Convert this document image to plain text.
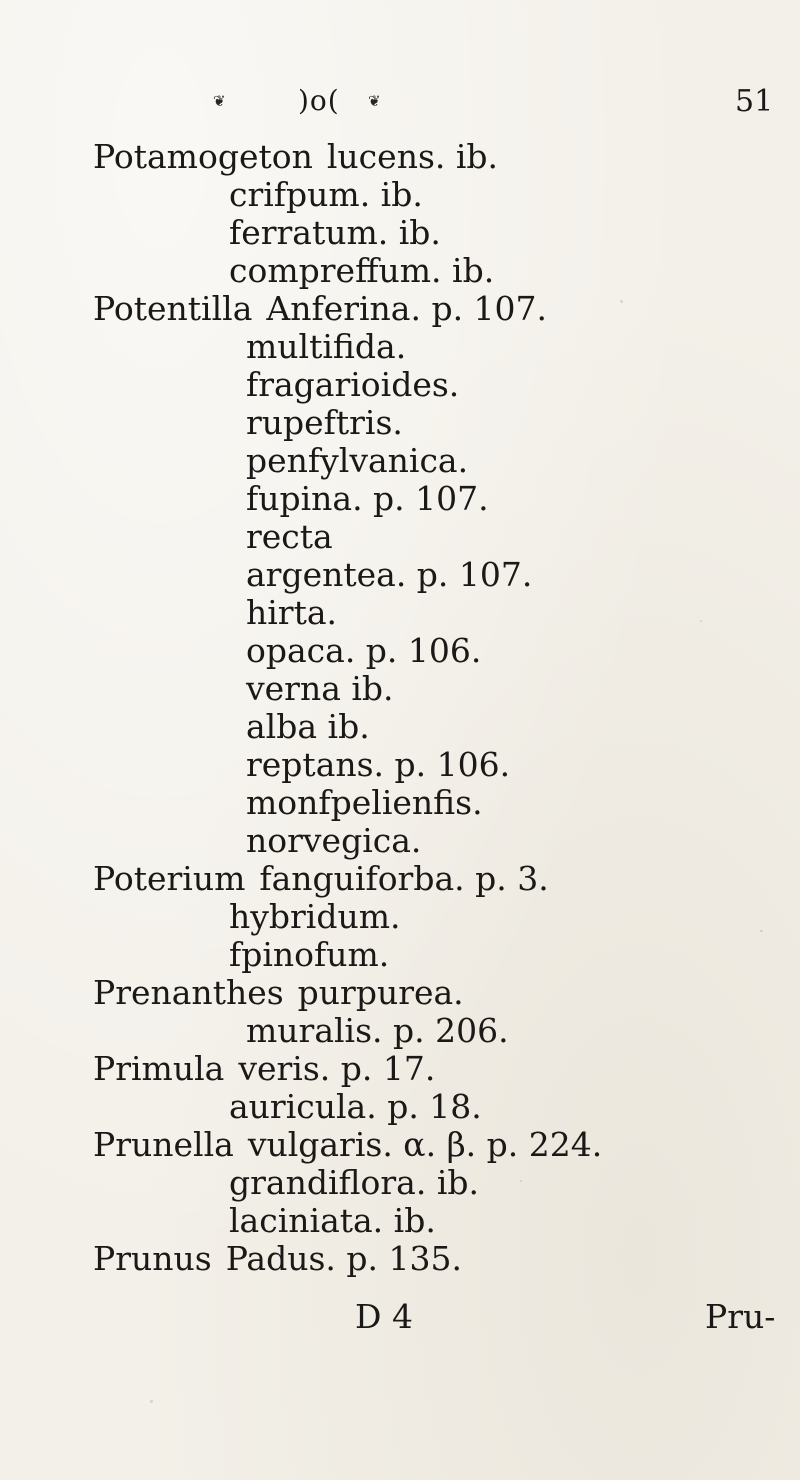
❦	)o( ❦	51
Potamogeton lucens. ib.
crifpum. ib.
ferratum. ib.
compreffum. ib.
Potentilla Anferina. p. 107.
multifida.
fragarioides.
rupeftris.
penfylvanica.
fupina. p. 107.
recta
argentea. p. 107.
hirta.
opaca. p. 106.
verna ib.
alba ib.
reptans. p. 106.
monfpelienfis.
norvegica.
Poterium fanguiforba. p. 3.
hybridum.
fpinofum.
Prenanthes purpurea.
muralis. p. 206.
Primula veris. p. 17.
auricula. p. 18.
Prunella vulgaris. α. β. p. 224.
grandiflora. ib.
laciniata. ib.
Prunus Padus. p. 135.
D 4	Pru-
